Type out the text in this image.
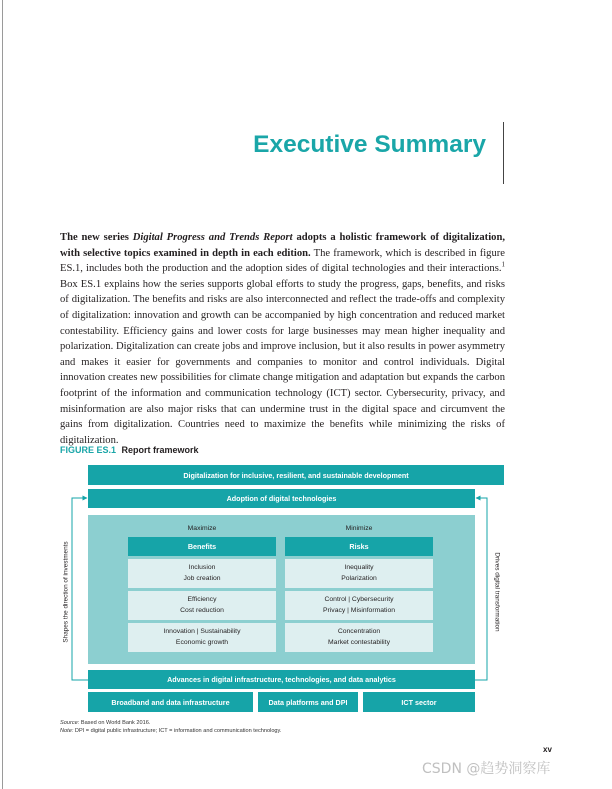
Executive Summary

The new series Digital Progress and Trends Report adopts a holistic framework of digitalization, with selective topics examined in depth in each edition. The framework, which is described in figure ES.1, includes both the production and the adoption sides of digital technologies and their interactions.$^1$ Box ES.1 explains how the series supports global efforts to study the progress, gaps, benefits, and risks of digitalization. The benefits and risks are also interconnected and reflect the trade-offs and complexity of digitalization: innovation and growth can be accompanied by high concentration and reduced market contestability. Efficiency gains and lower costs for large businesses may mean higher inequality and polarization. Digitalization can create jobs and improve inclusion, but it also results in power asymmetry and makes it easier for governments and companies to monitor and control individuals. Digital innovation creates new possibilities for climate change mitigation and adaptation but expands the carbon footprint of the information and communication technology (ICT) sector. Cybersecurity, privacy, and misinformation are also major risks that can undermine trust in the digital space and circumvent the gains from digitalization. Countries need to maximize the benefits while minimizing the risks of digitalization.

FIGURE ES.1 Report framework
Digitalization for inclusive, resilient, and sustainable development
Adoption of digital technologies
Maximize	Minimize
Benefits	Risks
Inclusion
Job creation
Efficiency
Cost reduction
Innovation | Sustainability
Economic growth
Inequality
Polarization
Control | Cybersecurity
Privacy | Misinformation
Concentration
Market contestability
Advances in digital infrastructure, technologies, and data analytics
Broadband and data infrastructure	Data platforms and DPI	ICT sector
Shapes the direction of investments	Drives digital transformation
Source: Based on World Bank 2016.
Note: DPI = digital public infrastructure; ICT = information and communication technology.
xv
CSDN @趋势洞察库
